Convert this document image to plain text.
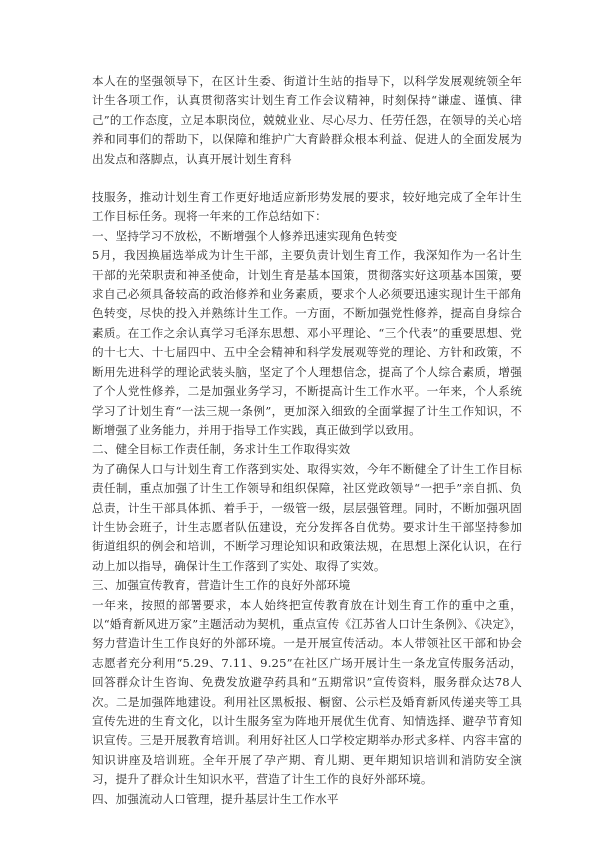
本人在的坚强领导下，在区计生委、街道计生站的指导下，以科学发展观统领全年计生各项工作，认真贯彻落实计划生育工作会议精神，时刻保持“谦虚、谨慎、律己”的工作态度，立足本职岗位，兢兢业业、尽心尽力、任劳任怨，在领导的关心培养和同事们的帮助下，以保障和维护广大育龄群众根本利益、促进人的全面发展为出发点和落脚点，认真开展计划生育科

技服务，推动计划生育工作更好地适应新形势发展的要求，较好地完成了全年计生工作目标任务。现将一年来的工作总结如下：

一、坚持学习不放松，不断增强个人修养迅速实现角色转变

5月，我因换届选举成为计生干部，主要负责计划生育工作，我深知作为一名计生干部的光荣职责和神圣使命，计划生育是基本国策，贯彻落实好这项基本国策，要求自己必须具备较高的政治修养和业务素质，要求个人必须要迅速实现计生干部角色转变，尽快的投入并熟练计生工作。一方面，不断加强党性修养，提高自身综合素质。在工作之余认真学习毛泽东思想、邓小平理论、“三个代表”的重要思想、党的十七大、十七届四中、五中全会精神和科学发展观等党的理论、方针和政策，不断用先进科学的理论武装头脑，坚定了个人理想信念，提高了个人综合素质，增强了个人党性修养，二是加强业务学习，不断提高计生工作水平。一年来，个人系统学习了计划生育“一法三规一条例”，更加深入细致的全面掌握了计生工作知识，不断增强了业务能力，并用于指导工作实践，真正做到学以致用。

二、健全目标工作责任制，务求计生工作取得实效

为了确保人口与计划生育工作落到实处、取得实效，今年不断健全了计生工作目标责任制，重点加强了计生工作领导和组织保障，社区党政领导“一把手”亲自抓、负总责，计生干部具体抓、着手于，一级管一级，层层强管理。同时，不断加强巩固计生协会班子，计生志愿者队伍建设，充分发挥各自优势。要求计生干部坚持参加街道组织的例会和培训，不断学习理论知识和政策法规，在思想上深化认识，在行动上加以指导，确保计生工作落到了实处、取得了实效。

三、加强宣传教育，营造计生工作的良好外部环境

一年来，按照的部署要求，本人始终把宣传教育放在计划生育工作的重中之重，以“婚育新风进万家”主题活动为契机，重点宣传《江苏省人口计生条例》、《决定》，努力营造计生工作良好的外部环境。一是开展宣传活动。本人带领社区干部和协会志愿者充分利用“5.29、7.11、9.25”在社区广场开展计生一条龙宣传服务活动，回答群众计生咨询、免费发放避孕药具和“五期常识”宣传资料，服务群众达78人次。二是加强阵地建设。利用社区黑板报、橱窗、公示栏及婚育新风传递夹等工具宣传先进的生育文化，以计生服务室为阵地开展优生优育、知情选择、避孕节育知识宣传。三是开展教育培训。利用好社区人口学校定期举办形式多样、内容丰富的知识讲座及培训班。全年开展了孕产期、育儿期、更年期知识培训和消防安全演习，提升了群众计生知识水平，营造了计生工作的良好外部环境。

四、加强流动人口管理，提升基层计生工作水平
